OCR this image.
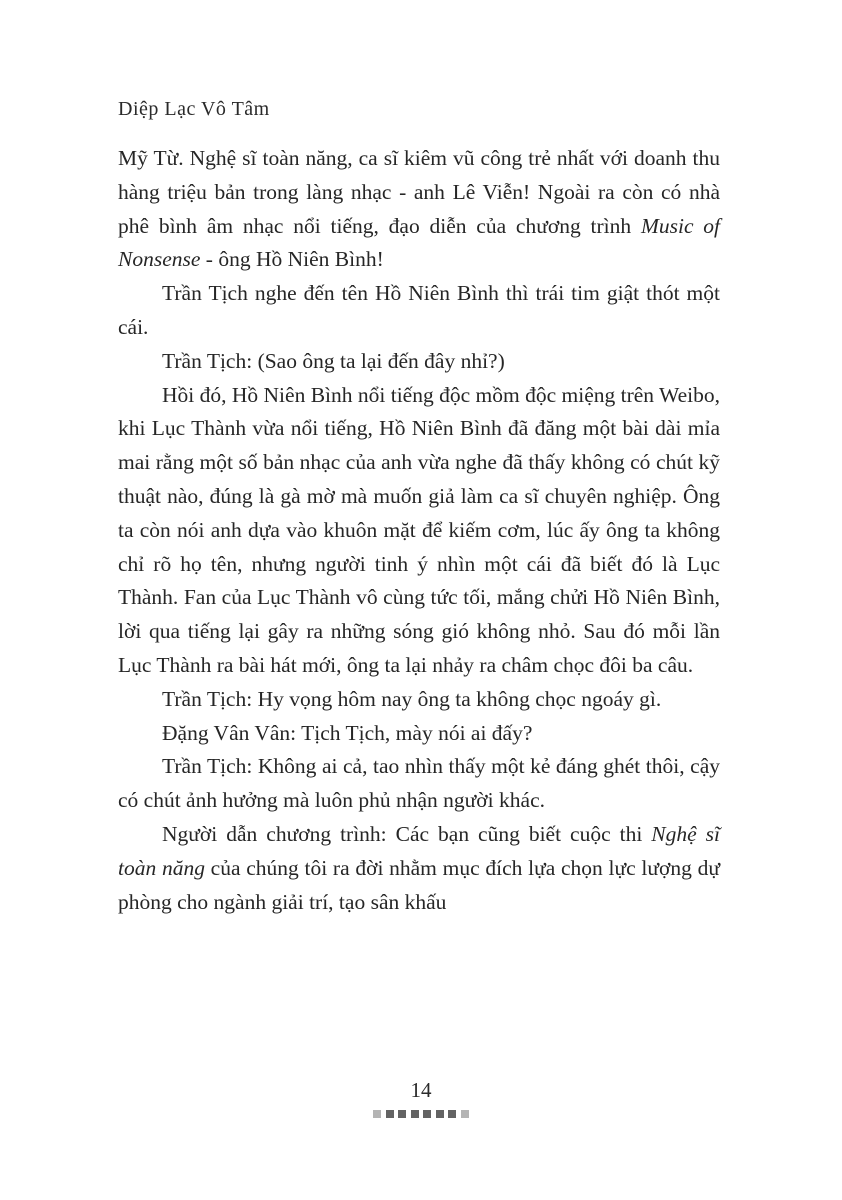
Diệp Lạc Vô Tâm

Mỹ Từ. Nghệ sĩ toàn năng, ca sĩ kiêm vũ công trẻ nhất với doanh thu hàng triệu bản trong làng nhạc - anh Lê Viễn! Ngoài ra còn có nhà phê bình âm nhạc nổi tiếng, đạo diễn của chương trình Music of Nonsense - ông Hồ Niên Bình!

Trần Tịch nghe đến tên Hồ Niên Bình thì trái tim giật thót một cái.

Trần Tịch: (Sao ông ta lại đến đây nhỉ?)

Hồi đó, Hồ Niên Bình nổi tiếng độc mồm độc miệng trên Weibo, khi Lục Thành vừa nổi tiếng, Hồ Niên Bình đã đăng một bài dài mỉa mai rằng một số bản nhạc của anh vừa nghe đã thấy không có chút kỹ thuật nào, đúng là gà mờ mà muốn giả làm ca sĩ chuyên nghiệp. Ông ta còn nói anh dựa vào khuôn mặt để kiếm cơm, lúc ấy ông ta không chỉ rõ họ tên, nhưng người tinh ý nhìn một cái đã biết đó là Lục Thành. Fan của Lục Thành vô cùng tức tối, mắng chửi Hồ Niên Bình, lời qua tiếng lại gây ra những sóng gió không nhỏ. Sau đó mỗi lần Lục Thành ra bài hát mới, ông ta lại nhảy ra châm chọc đôi ba câu.

Trần Tịch: Hy vọng hôm nay ông ta không chọc ngoáy gì.

Đặng Vân Vân: Tịch Tịch, mày nói ai đấy?

Trần Tịch: Không ai cả, tao nhìn thấy một kẻ đáng ghét thôi, cậy có chút ảnh hưởng mà luôn phủ nhận người khác.

Người dẫn chương trình: Các bạn cũng biết cuộc thi Nghệ sĩ toàn năng của chúng tôi ra đời nhằm mục đích lựa chọn lực lượng dự phòng cho ngành giải trí, tạo sân khấu

14
